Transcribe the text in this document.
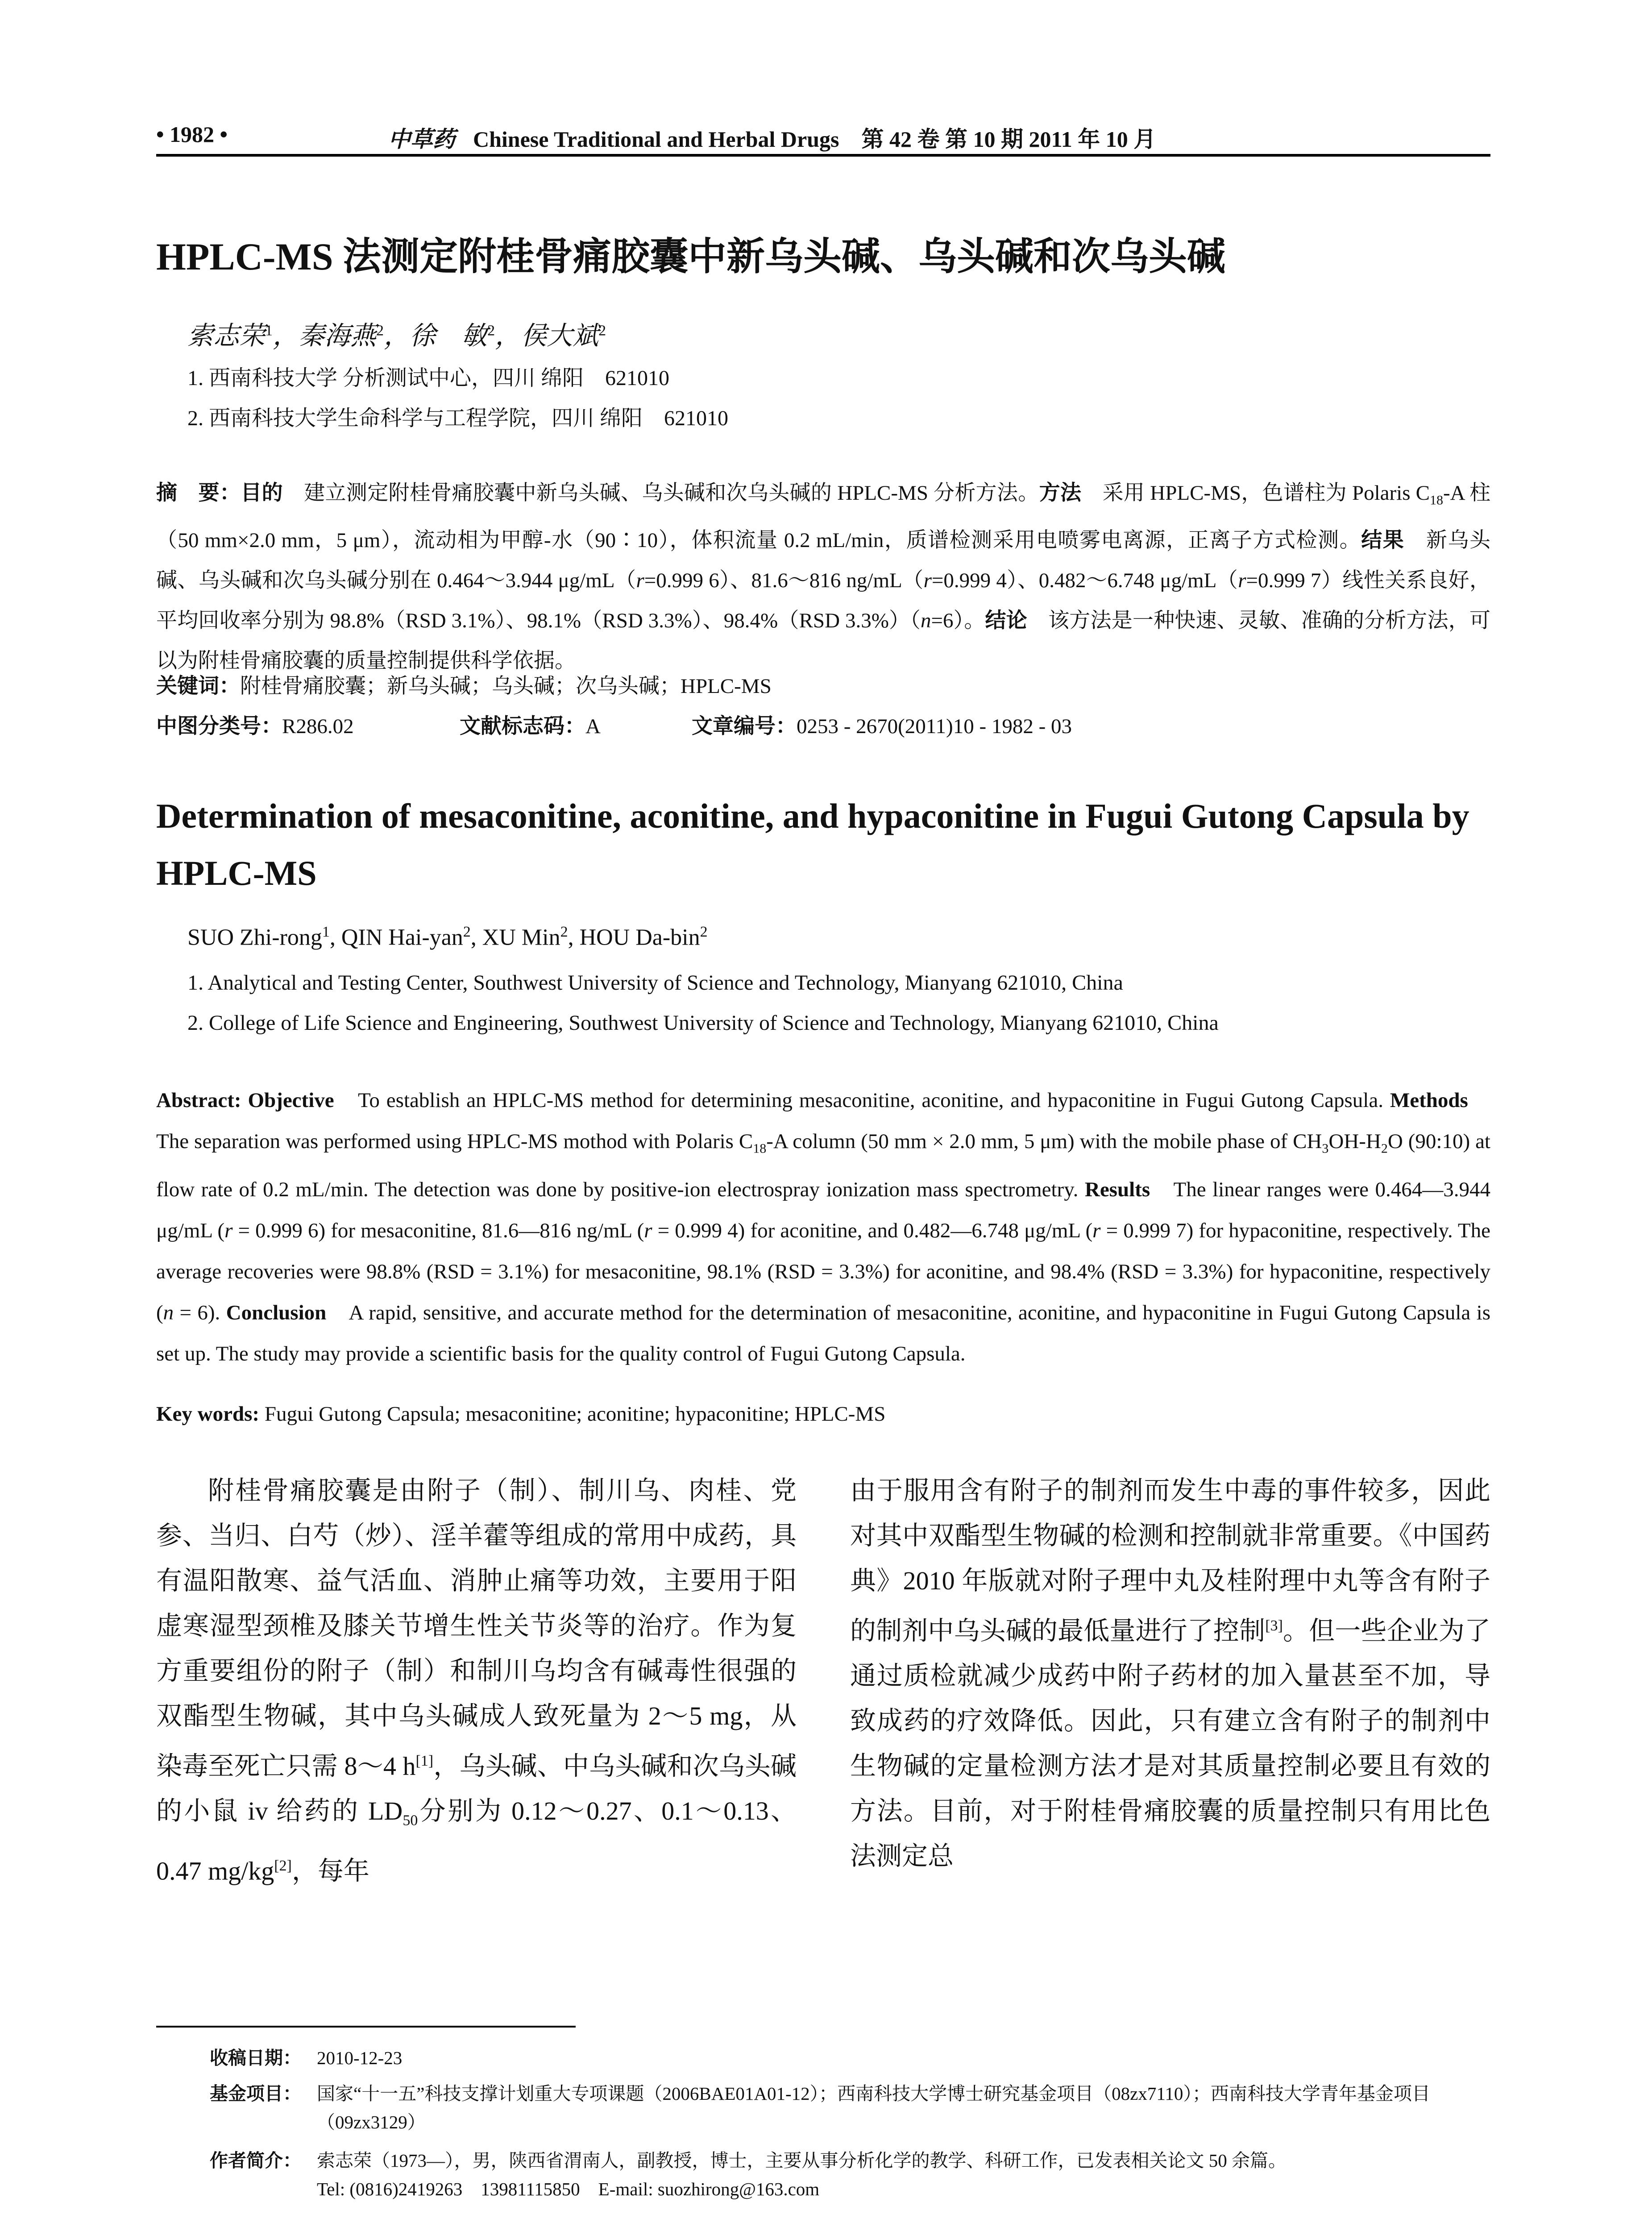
• 1982 •	中草药 Chinese Traditional and Herbal Drugs 第 42 卷 第 10 期 2011 年 10 月
HPLC-MS 法测定附桂骨痛胶囊中新乌头碱、乌头碱和次乌头碱
索志荣$^1$，秦海燕$^2$，徐　敏$^2$，侯大斌$^2$
1. 西南科技大学 分析测试中心，四川 绵阳　621010
2. 西南科技大学生命科学与工程学院，四川 绵阳　621010
摘　要：目的　建立测定附桂骨痛胶囊中新乌头碱、乌头碱和次乌头碱的 HPLC-MS 分析方法。方法　采用 HPLC-MS，色谱柱为 Polaris $C_{18}-A$ 柱（50 mm×2.0 mm，5 μm），流动相为甲醇-水（90∶10），体积流量 0.2 mL/min，质谱检测采用电喷雾电离源，正离子方式检测。结果　新乌头碱、乌头碱和次乌头碱分别在 0.464～3.944 μg/mL（r=0.999 6）、81.6～816 ng/mL（r=0.999 4）、0.482～6.748 μg/mL（r=0.999 7）线性关系良好，平均回收率分别为 98.8%（RSD 3.1%）、98.1%（RSD 3.3%）、98.4%（RSD 3.3%）（n=6）。结论　该方法是一种快速、灵敏、准确的分析方法，可以为附桂骨痛胶囊的质量控制提供科学依据。
关键词：附桂骨痛胶囊；新乌头碱；乌头碱；次乌头碱；HPLC-MS
中图分类号：R286.02	文献标志码：A	文章编号：0253 - 2670(2011)10 - 1982 - 03
Determination of mesaconitine, aconitine, and hypaconitine in Fugui Gutong Capsula by HPLC-MS
SUO Zhi-rong$^1$, QIN Hai-yan$^2$, XU Min$^2$, HOU Da-bin$^2$
1. Analytical and Testing Center, Southwest University of Science and Technology, Mianyang 621010, China
2. College of Life Science and Engineering, Southwest University of Science and Technology, Mianyang 621010, China
Abstract: Objective　To establish an HPLC-MS method for determining mesaconitine, aconitine, and hypaconitine in Fugui Gutong Capsula. Methods　The separation was performed using HPLC-MS mothod with Polaris $C_{18}-A$ column (50 mm × 2.0 mm, 5 μm) with the mobile phase of $CH_3OH-H_2O$ (90:10) at flow rate of 0.2 mL/min. The detection was done by positive-ion electrospray ionization mass spectrometry. Results　The linear ranges were 0.464—3.944 μg/mL (r = 0.999 6) for mesaconitine, 81.6—816 ng/mL (r = 0.999 4) for aconitine, and 0.482—6.748 μg/mL (r = 0.999 7) for hypaconitine, respectively. The average recoveries were 98.8% (RSD = 3.1%) for mesaconitine, 98.1% (RSD = 3.3%) for aconitine, and 98.4% (RSD = 3.3%) for hypaconitine, respectively (n = 6). Conclusion　A rapid, sensitive, and accurate method for the determination of mesaconitine, aconitine, and hypaconitine in Fugui Gutong Capsula is set up. The study may provide a scientific basis for the quality control of Fugui Gutong Capsula.
Key words: Fugui Gutong Capsula; mesaconitine; aconitine; hypaconitine; HPLC-MS
附桂骨痛胶囊是由附子（制）、制川乌、肉桂、党参、当归、白芍（炒）、淫羊藿等组成的常用中成药，具有温阳散寒、益气活血、消肿止痛等功效，主要用于阳虚寒湿型颈椎及膝关节增生性关节炎等的治疗。作为复方重要组份的附子（制）和制川乌均含有碱毒性很强的双酯型生物碱，其中乌头碱成人致死量为 2～5 mg，从染毒至死亡只需 8～4 h[1]，乌头碱、中乌头碱和次乌头碱的小鼠 iv 给药的 $LD_{50}$分别为 0.12～0.27、0.1～0.13、0.47 mg/kg[2]，每年
由于服用含有附子的制剂而发生中毒的事件较多，因此对其中双酯型生物碱的检测和控制就非常重要。《中国药典》2010 年版就对附子理中丸及桂附理中丸等含有附子的制剂中乌头碱的最低量进行了控制[3]。但一些企业为了通过质检就减少成药中附子药材的加入量甚至不加，导致成药的疗效降低。因此，只有建立含有附子的制剂中生物碱的定量检测方法才是对其质量控制必要且有效的方法。目前，对于附桂骨痛胶囊的质量控制只有用比色法测定总
收稿日期： 2010-12-23
基金项目： 国家“十一五”科技支撑计划重大专项课题（2006BAE01A01-12）；西南科技大学博士研究基金项目（08zx7110）；西南科技大学青年基金项目（09zx3129）
作者简介： 索志荣（1973—），男，陕西省渭南人，副教授，博士，主要从事分析化学的教学、科研工作，已发表相关论文 50 余篇。
Tel: (0816)2419263　13981115850　E-mail: suozhirong@163.com
